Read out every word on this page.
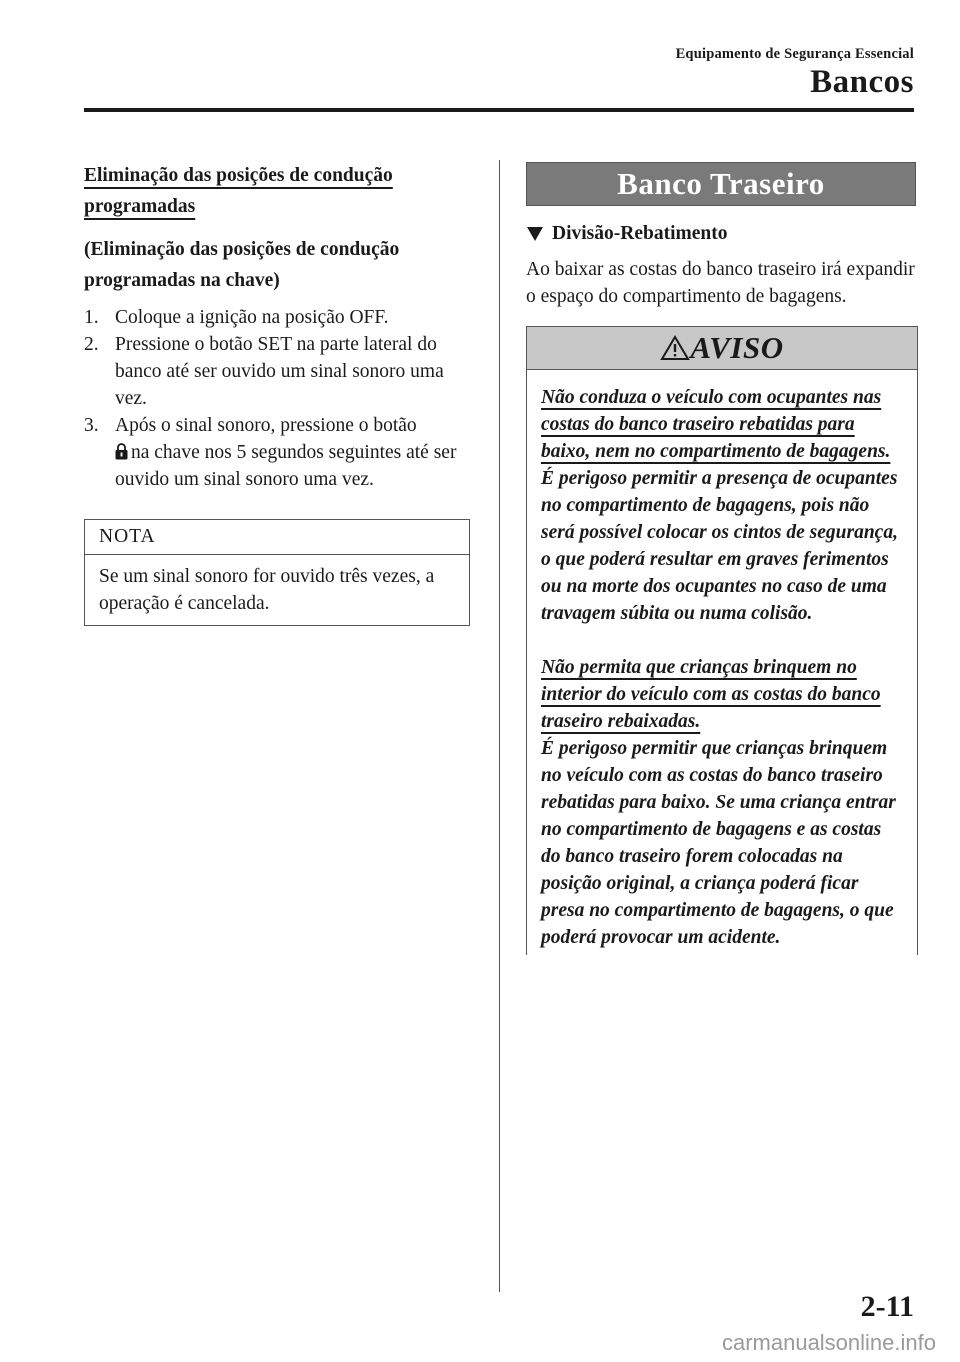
Equipamento de Segurança Essencial
Bancos

Eliminação das posições de condução programadas

(Eliminação das posições de condução programadas na chave)

1. Coloque a ignição na posição OFF.
2. Pressione o botão SET na parte lateral do banco até ser ouvido um sinal sonoro uma vez.
3. Após o sinal sonoro, pressione o botão
na chave nos 5 segundos seguintes até ser ouvido um sinal sonoro uma vez.
NOTA
Se um sinal sonoro for ouvido três vezes, a operação é cancelada.
Banco Traseiro
Divisão-Rebatimento
Ao baixar as costas do banco traseiro irá expandir o espaço do compartimento de bagagens.
AVISO
Não conduza o veículo com ocupantes nas costas do banco traseiro rebatidas para baixo, nem no compartimento de bagagens.
É perigoso permitir a presença de ocupantes no compartimento de bagagens, pois não será possível colocar os cintos de segurança, o que poderá resultar em graves ferimentos ou na morte dos ocupantes no caso de uma travagem súbita ou numa colisão.
Não permita que crianças brinquem no interior do veículo com as costas do banco traseiro rebaixadas.
É perigoso permitir que crianças brinquem no veículo com as costas do banco traseiro rebatidas para baixo. Se uma criança entrar no compartimento de bagagens e as costas do banco traseiro forem colocadas na posição original, a criança poderá ficar presa no compartimento de bagagens, o que poderá provocar um acidente.
2-11
carmanualsonline.info
